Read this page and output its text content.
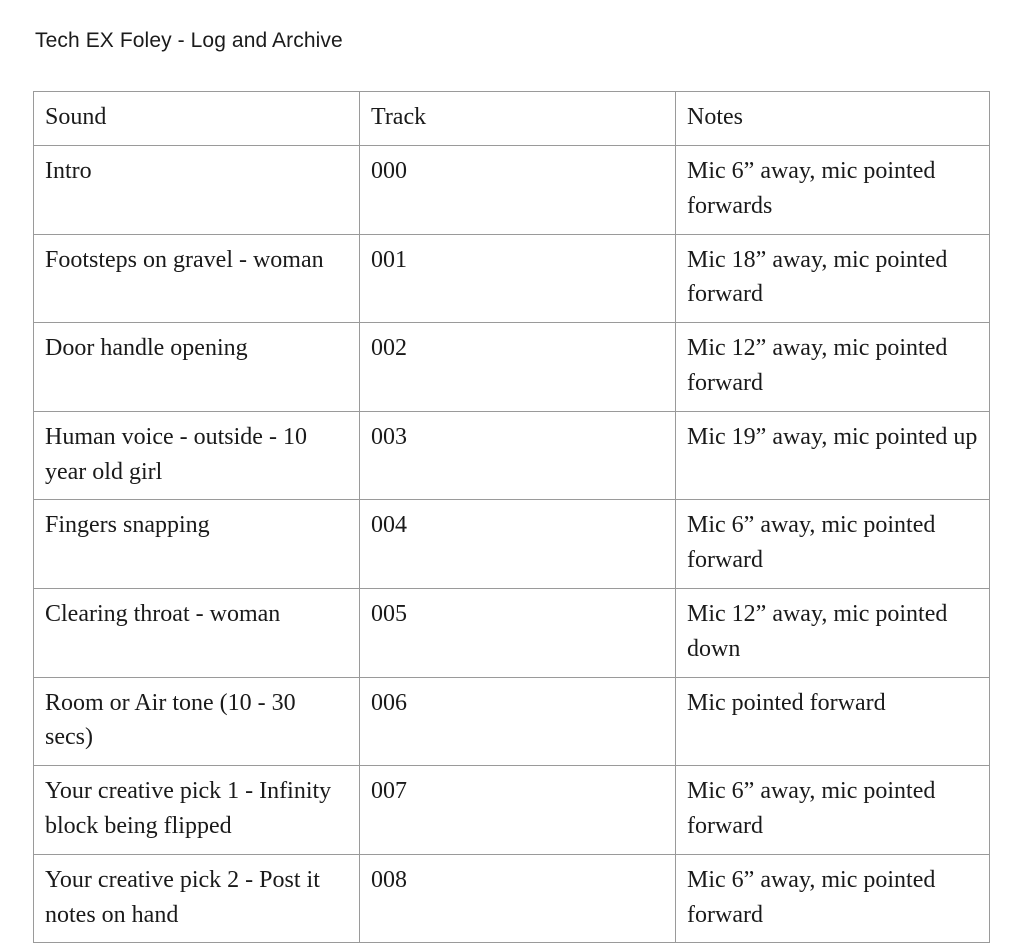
Tech EX Foley - Log and Archive
Sound	Track	Notes

Intro	000	Mic 6” away, mic pointed forwards

Footsteps on gravel - woman	001	Mic 18” away, mic pointed forward

Door handle opening	002	Mic 12” away, mic pointed forward

Human voice - outside - 10 year old girl	003	Mic 19” away, mic pointed up

Fingers snapping	004	Mic 6” away, mic pointed forward

Clearing throat - woman	005	Mic 12” away, mic pointed down

Room or Air tone (10 - 30 secs)	006	Mic pointed forward

Your creative pick 1 - Infinity block being flipped	007	Mic 6” away, mic pointed forward

Your creative pick 2 - Post it notes on hand	008	Mic 6” away, mic pointed forward
